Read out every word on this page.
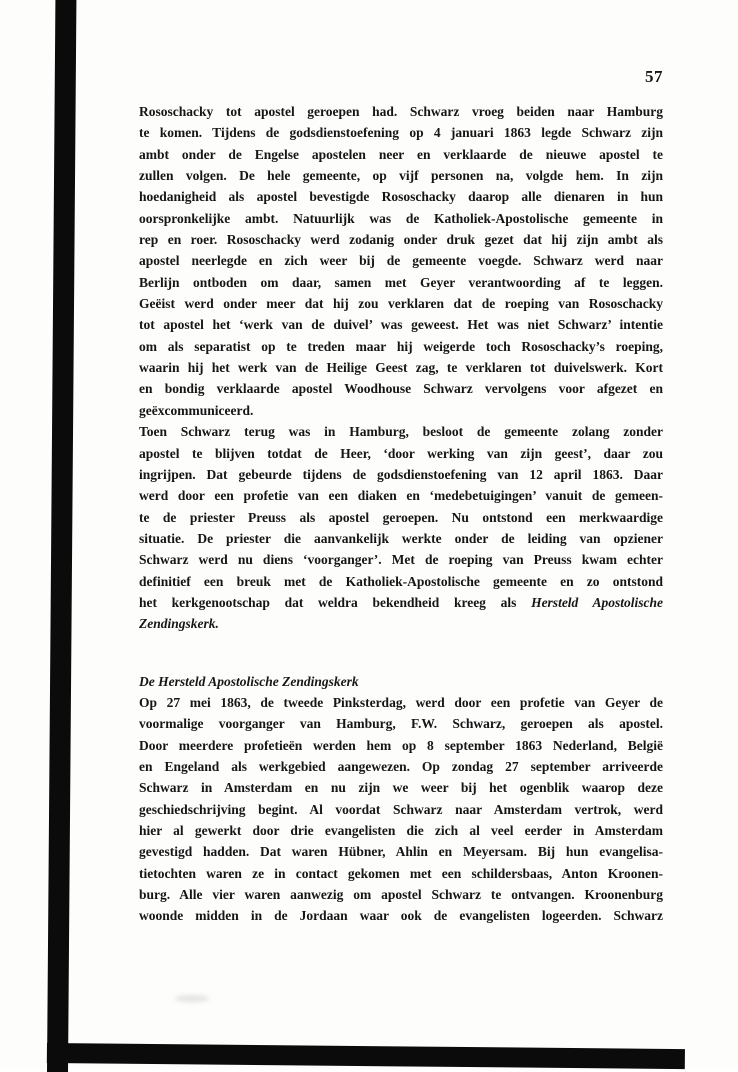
57
Rososchacky tot apostel geroepen had. Schwarz vroeg beiden naar Hamburg
te komen. Tijdens de godsdienstoefening op 4 januari 1863 legde Schwarz zijn
ambt onder de Engelse apostelen neer en verklaarde de nieuwe apostel te
zullen volgen. De hele gemeente, op vijf personen na, volgde hem. In zijn
hoedanigheid als apostel bevestigde Rososchacky daarop alle dienaren in hun
oorspronkelijke ambt. Natuurlijk was de Katholiek-Apostolische gemeente in
rep en roer. Rososchacky werd zodanig onder druk gezet dat hij zijn ambt als
apostel neerlegde en zich weer bij de gemeente voegde. Schwarz werd naar
Berlijn ontboden om daar, samen met Geyer verantwoording af te leggen.
Geëist werd onder meer dat hij zou verklaren dat de roeping van Rososchacky
tot apostel het ‘werk van de duivel’ was geweest. Het was niet Schwarz’ intentie
om als separatist op te treden maar hij weigerde toch Rososchacky’s roeping,
waarin hij het werk van de Heilige Geest zag, te verklaren tot duivelswerk. Kort
en bondig verklaarde apostel Woodhouse Schwarz vervolgens voor afgezet en
geëxcommuniceerd.
Toen Schwarz terug was in Hamburg, besloot de gemeente zolang zonder
apostel te blijven totdat de Heer, ‘door werking van zijn geest’, daar zou
ingrijpen. Dat gebeurde tijdens de godsdienstoefening van 12 april 1863. Daar
werd door een profetie van een diaken en ‘medebetuigingen’ vanuit de gemeen-
te de priester Preuss als apostel geroepen. Nu ontstond een merkwaardige
situatie. De priester die aanvankelijk werkte onder de leiding van opziener
Schwarz werd nu diens ‘voorganger’. Met de roeping van Preuss kwam echter
definitief een breuk met de Katholiek-Apostolische gemeente en zo ontstond
het kerkgenootschap dat weldra bekendheid kreeg als Hersteld Apostolische
Zendingskerk.
De Hersteld Apostolische Zendingskerk
Op 27 mei 1863, de tweede Pinksterdag, werd door een profetie van Geyer de
voormalige voorganger van Hamburg, F.W. Schwarz, geroepen als apostel.
Door meerdere profetieën werden hem op 8 september 1863 Nederland, België
en Engeland als werkgebied aangewezen. Op zondag 27 september arriveerde
Schwarz in Amsterdam en nu zijn we weer bij het ogenblik waarop deze
geschiedschrijving begint. Al voordat Schwarz naar Amsterdam vertrok, werd
hier al gewerkt door drie evangelisten die zich al veel eerder in Amsterdam
gevestigd hadden. Dat waren Hübner, Ahlin en Meyersam. Bij hun evangelisa-
tietochten waren ze in contact gekomen met een schildersbaas, Anton Kroonen-
burg. Alle vier waren aanwezig om apostel Schwarz te ontvangen. Kroonenburg
woonde midden in de Jordaan waar ook de evangelisten logeerden. Schwarz
